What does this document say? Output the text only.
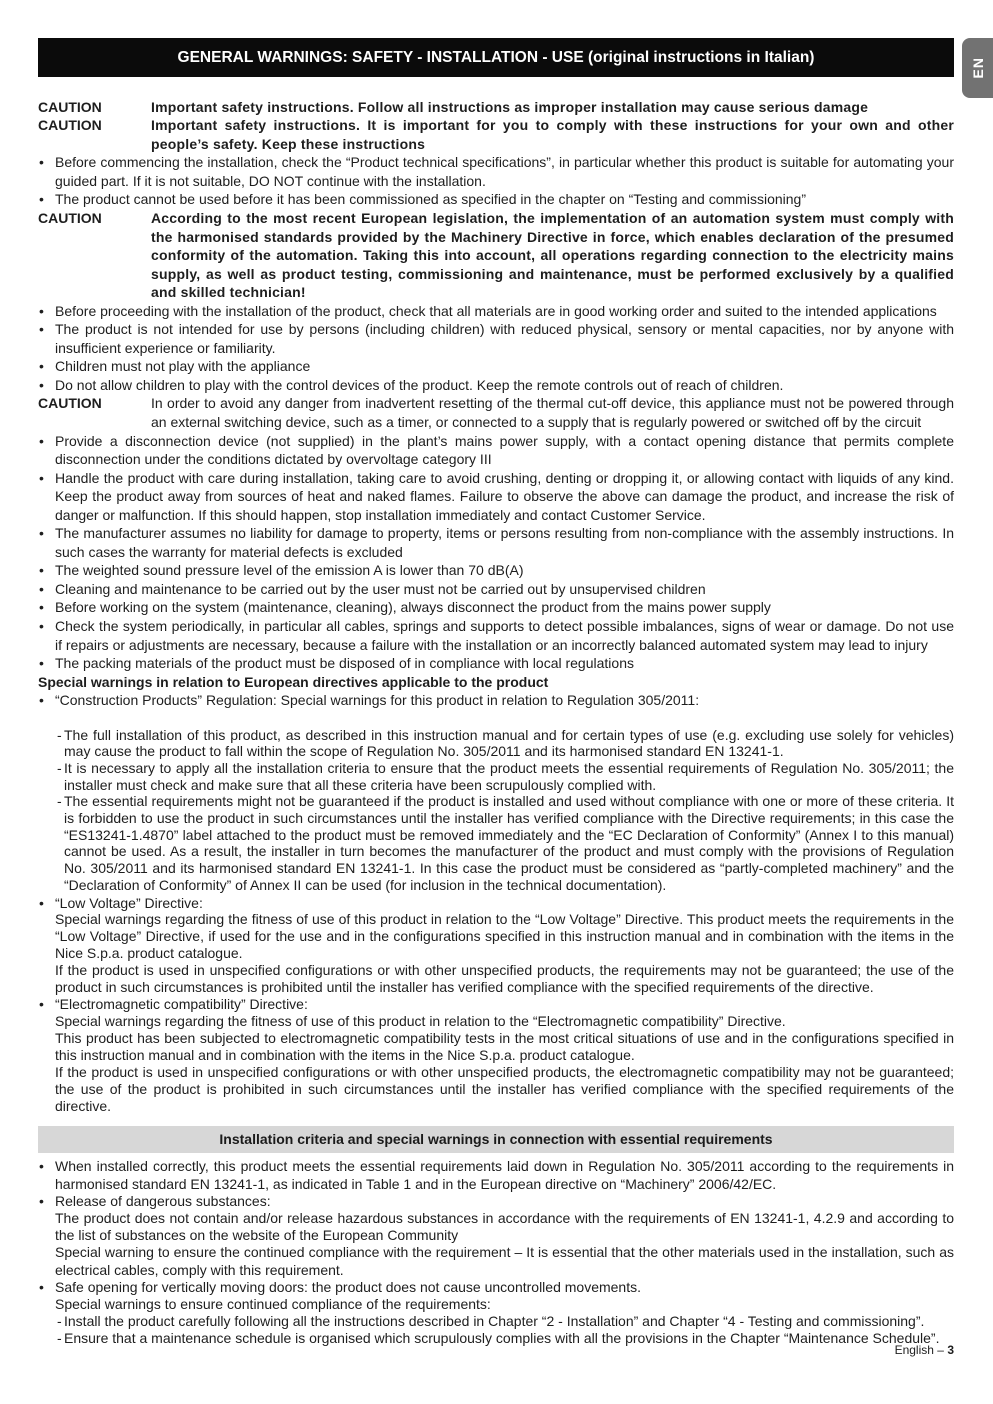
GENERAL WARNINGS: SAFETY - INSTALLATION - USE (original instructions in Italian)
EN
CAUTION	Important safety instructions. Follow all instructions as improper installation may cause serious damage
CAUTION	Important safety instructions. It is important for you to comply with these instructions for your own and other people’s safety. Keep these instructions
• Before commencing the installation, check the “Product technical specifications”, in particular whether this product is suitable for automating your guided part. If it is not suitable, DO NOT continue with the installation.
• The product cannot be used before it has been commissioned as specified in the chapter on “Testing and commissioning”
CAUTION	According to the most recent European legislation, the implementation of an automation system must comply with the harmonised standards provided by the Machinery Directive in force, which enables declaration of the presumed conformity of the automation. Taking this into account, all operations regarding connection to the electricity mains supply, as well as product testing, commissioning and maintenance, must be performed exclusively by a qualified and skilled technician!
• Before proceeding with the installation of the product, check that all materials are in good working order and suited to the intended applications
• The product is not intended for use by persons (including children) with reduced physical, sensory or mental capacities, nor by anyone with insufficient experience or familiarity.
• Children must not play with the appliance
• Do not allow children to play with the control devices of the product. Keep the remote controls out of reach of children.
CAUTION	In order to avoid any danger from inadvertent resetting of the thermal cut-off device, this appliance must not be powered through an external switching device, such as a timer, or connected to a supply that is regularly powered or switched off by the circuit
• Provide a disconnection device (not supplied) in the plant’s mains power supply, with a contact opening distance that permits complete disconnection under the conditions dictated by overvoltage category III
• Handle the product with care during installation, taking care to avoid crushing, denting or dropping it, or allowing contact with liquids of any kind. Keep the product away from sources of heat and naked flames. Failure to observe the above can damage the product, and increase the risk of danger or malfunction. If this should happen, stop installation immediately and contact Customer Service.
• The manufacturer assumes no liability for damage to property, items or persons resulting from non-compliance with the assembly instructions. In such cases the warranty for material defects is excluded
• The weighted sound pressure level of the emission A is lower than 70 dB(A)
• Cleaning and maintenance to be carried out by the user must not be carried out by unsupervised children
• Before working on the system (maintenance, cleaning), always disconnect the product from the mains power supply
• Check the system periodically, in particular all cables, springs and supports to detect possible imbalances, signs of wear or damage. Do not use if repairs or adjustments are necessary, because a failure with the installation or an incorrectly balanced automated system may lead to injury
• The packing materials of the product must be disposed of in compliance with local regulations
Special warnings in relation to European directives applicable to the product
• “Construction Products” Regulation: Special warnings for this product in relation to Regulation 305/2011:
- The full installation of this product, as described in this instruction manual and for certain types of use (e.g. excluding use solely for vehicles) may cause the product to fall within the scope of Regulation No. 305/2011 and its harmonised standard EN 13241-1.
- It is necessary to apply all the installation criteria to ensure that the product meets the essential requirements of Regulation No. 305/2011; the installer must check and make sure that all these criteria have been scrupulously complied with.
- The essential requirements might not be guaranteed if the product is installed and used without compliance with one or more of these criteria. It is forbidden to use the product in such circumstances until the installer has verified compliance with the Directive requirements; in this case the “ES13241-1.4870” label attached to the product must be removed immediately and the “EC Declaration of Conformity” (Annex I to this manual) cannot be used. As a result, the installer in turn becomes the manufacturer of the product and must comply with the provisions of Regulation No. 305/2011 and its harmonised standard EN 13241-1. In this case the product must be considered as “partly-completed machinery” and the “Declaration of Conformity” of Annex II can be used (for inclusion in the technical documentation).
• “Low Voltage” Directive:
Special warnings regarding the fitness of use of this product in relation to the “Low Voltage” Directive. This product meets the requirements in the “Low Voltage” Directive, if used for the use and in the configurations specified in this instruction manual and in combination with the items in the Nice S.p.a. product catalogue.
If the product is used in unspecified configurations or with other unspecified products, the requirements may not be guaranteed; the use of the product in such circumstances is prohibited until the installer has verified compliance with the specified requirements of the directive.
• “Electromagnetic compatibility” Directive:
Special warnings regarding the fitness of use of this product in relation to the “Electromagnetic compatibility” Directive.
This product has been subjected to electromagnetic compatibility tests in the most critical situations of use and in the configurations specified in this instruction manual and in combination with the items in the Nice S.p.a. product catalogue.
If the product is used in unspecified configurations or with other unspecified products, the electromagnetic compatibility may not be guaranteed; the use of the product is prohibited in such circumstances until the installer has verified compliance with the specified requirements of the directive.
Installation criteria and special warnings in connection with essential requirements
• When installed correctly, this product meets the essential requirements laid down in Regulation No. 305/2011 according to the requirements in harmonised standard EN 13241-1, as indicated in Table 1 and in the European directive on “Machinery” 2006/42/EC.
• Release of dangerous substances:
The product does not contain and/or release hazardous substances in accordance with the requirements of EN 13241-1, 4.2.9 and according to the list of substances on the website of the European Community
Special warning to ensure the continued compliance with the requirement – It is essential that the other materials used in the installation, such as electrical cables, comply with this requirement.
• Safe opening for vertically moving doors: the product does not cause uncontrolled movements.
Special warnings to ensure continued compliance of the requirements:
- Install the product carefully following all the instructions described in Chapter “2 - Installation” and Chapter “4 - Testing and commissioning”.
- Ensure that a maintenance schedule is organised which scrupulously complies with all the provisions in the Chapter “Maintenance Schedule”.
English – 3
